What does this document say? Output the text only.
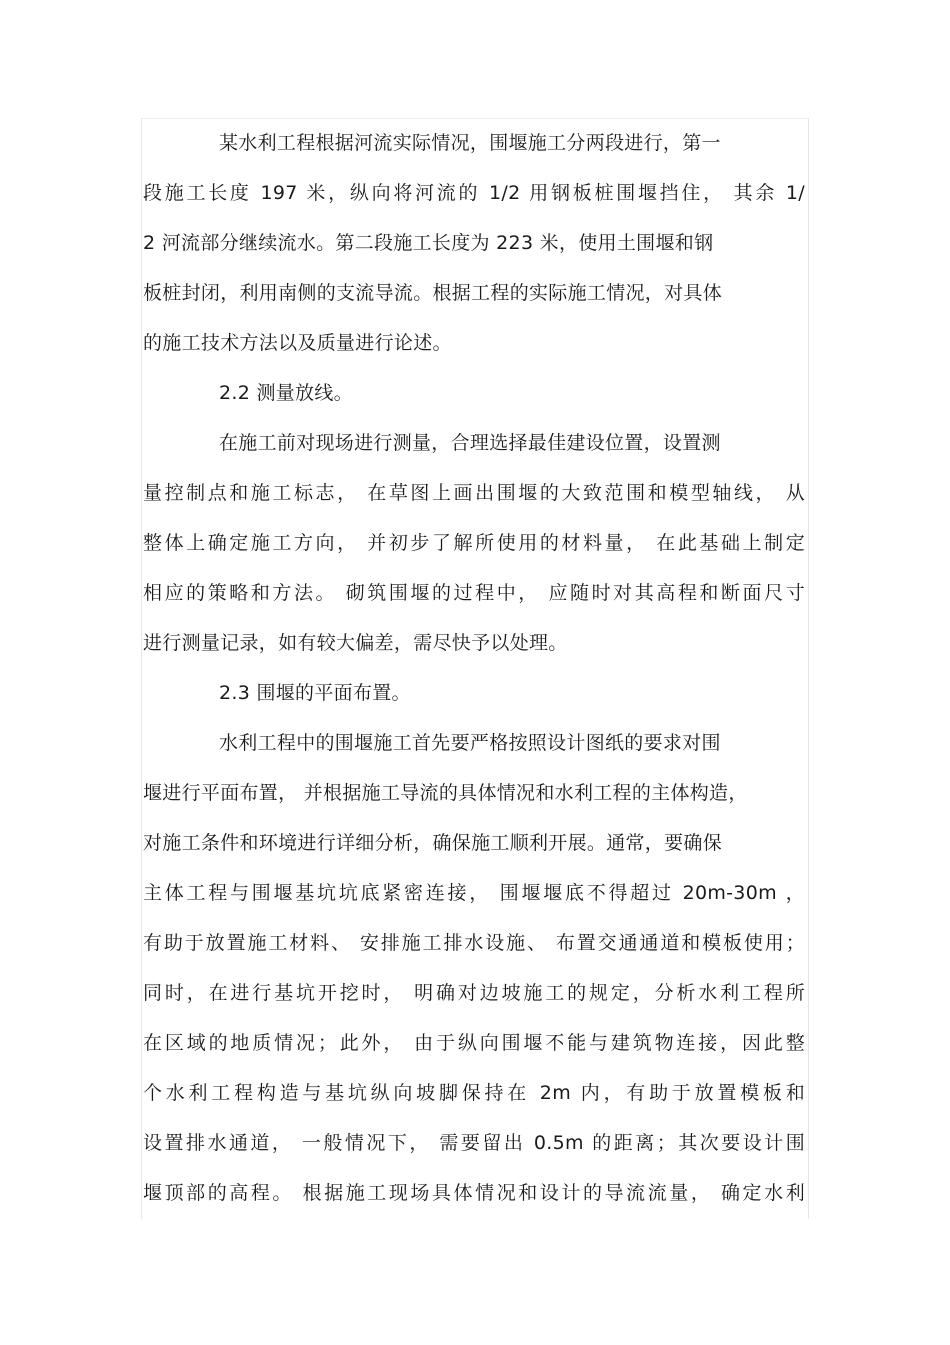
某水利工程根据河流实际情况，围堰施工分两段进行，第一
段施工长度 197 米，纵向将河流的 1/2 用钢板桩围堰挡住， 其余 1/
2 河流部分继续流水。第二段施工长度为 223 米，使用土围堰和钢
板桩封闭，利用南侧的支流导流。根据工程的实际施工情况，对具体
的施工技术方法以及质量进行论述。
2.2 测量放线。
在施工前对现场进行测量，合理选择最佳建设位置，设置测
量控制点和施工标志， 在草图上画出围堰的大致范围和模型轴线， 从
整体上确定施工方向， 并初步了解所使用的材料量， 在此基础上制定
相应的策略和方法。 砌筑围堰的过程中， 应随时对其高程和断面尺寸
进行测量记录，如有较大偏差，需尽快予以处理。
2.3 围堰的平面布置。
水利工程中的围堰施工首先要严格按照设计图纸的要求对围
堰进行平面布置， 并根据施工导流的具体情况和水利工程的主体构造，
对施工条件和环境进行详细分析，确保施工顺利开展。通常，要确保
主体工程与围堰基坑坑底紧密连接， 围堰堰底不得超过 20m-30m ，
有助于放置施工材料、 安排施工排水设施、 布置交通通道和模板使用；
同时，在进行基坑开挖时， 明确对边坡施工的规定，分析水利工程所
在区域的地质情况；此外， 由于纵向围堰不能与建筑物连接，因此整
个水利工程构造与基坑纵向坡脚保持在 2m 内，有助于放置模板和
设置排水通道， 一般情况下， 需要留出 0.5m 的距离；其次要设计围
堰顶部的高程。 根据施工现场具体情况和设计的导流流量， 确定水利
